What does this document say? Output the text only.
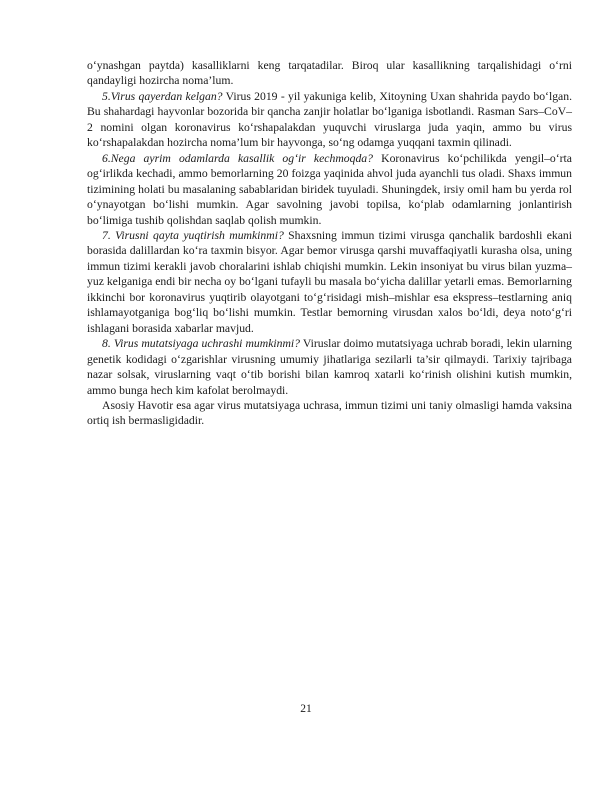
o‘ynashgan paytda) kasalliklarni keng tarqatadilar. Biroq ular kasallikning tarqalishidagi o‘rni qandayligi hozircha noma’lum.

5.Virus qayerdan kelgan? Virus 2019 - yil yakuniga kelib, Xitoyning Uxan shahrida paydo bo‘lgan. Bu shahardagi hayvonlar bozorida bir qancha zanjir holatlar bo‘lganiga isbotlandi. Rasman Sars–CoV–2 nomini olgan koronavirus ko‘rshapalakdan yuquvchi viruslarga juda yaqin, ammo bu virus ko‘rshapalakdan hozircha noma’lum bir hayvonga, so‘ng odamga yuqqani taxmin qilinadi.

6.Nega ayrim odamlarda kasallik og‘ir kechmoqda? Koronavirus ko‘pchilikda yengil–o‘rta og‘irlikda kechadi, ammo bemorlarning 20 foizga yaqinida ahvol juda ayanchli tus oladi. Shaxs immun tizimining holati bu masalaning sabablaridan biridek tuyuladi. Shuningdek, irsiy omil ham bu yerda rol o‘ynayotgan bo‘lishi mumkin. Agar savolning javobi topilsa, ko‘plab odamlarning jonlantirish bo‘limiga tushib qolishdan saqlab qolish mumkin.

7. Virusni qayta yuqtirish mumkinmi? Shaxsning immun tizimi virusga qanchalik bardoshli ekani borasida dalillardan ko‘ra taxmin bisyor. Agar bemor virusga qarshi muvaffaqiyatli kurasha olsa, uning immun tizimi kerakli javob choralarini ishlab chiqishi mumkin. Lekin insoniyat bu virus bilan yuzma–yuz kelganiga endi bir necha oy bo‘lgani tufayli bu masala bo‘yicha dalillar yetarli emas. Bemorlarning ikkinchi bor koronavirus yuqtirib olayotgani to‘g‘risidagi mish–mishlar esa ekspress–testlarning aniq ishlamayotganiga bog‘liq bo‘lishi mumkin. Testlar bemorning virusdan xalos bo‘ldi, deya noto‘g‘ri ishlagani borasida xabarlar mavjud.

8. Virus mutatsiyaga uchrashi mumkinmi? Viruslar doimo mutatsiyaga uchrab boradi, lekin ularning genetik kodidagi o‘zgarishlar virusning umumiy jihatlariga sezilarli ta’sir qilmaydi. Tarixiy tajribaga nazar solsak, viruslarning vaqt o‘tib borishi bilan kamroq xatarli ko‘rinish olishini kutish mumkin, ammo bunga hech kim kafolat berolmaydi.

Asosiy Havotir esa agar virus mutatsiyaga uchrasa, immun tizimi uni taniy olmasligi hamda vaksina ortiq ish bermasligidadir.

21
